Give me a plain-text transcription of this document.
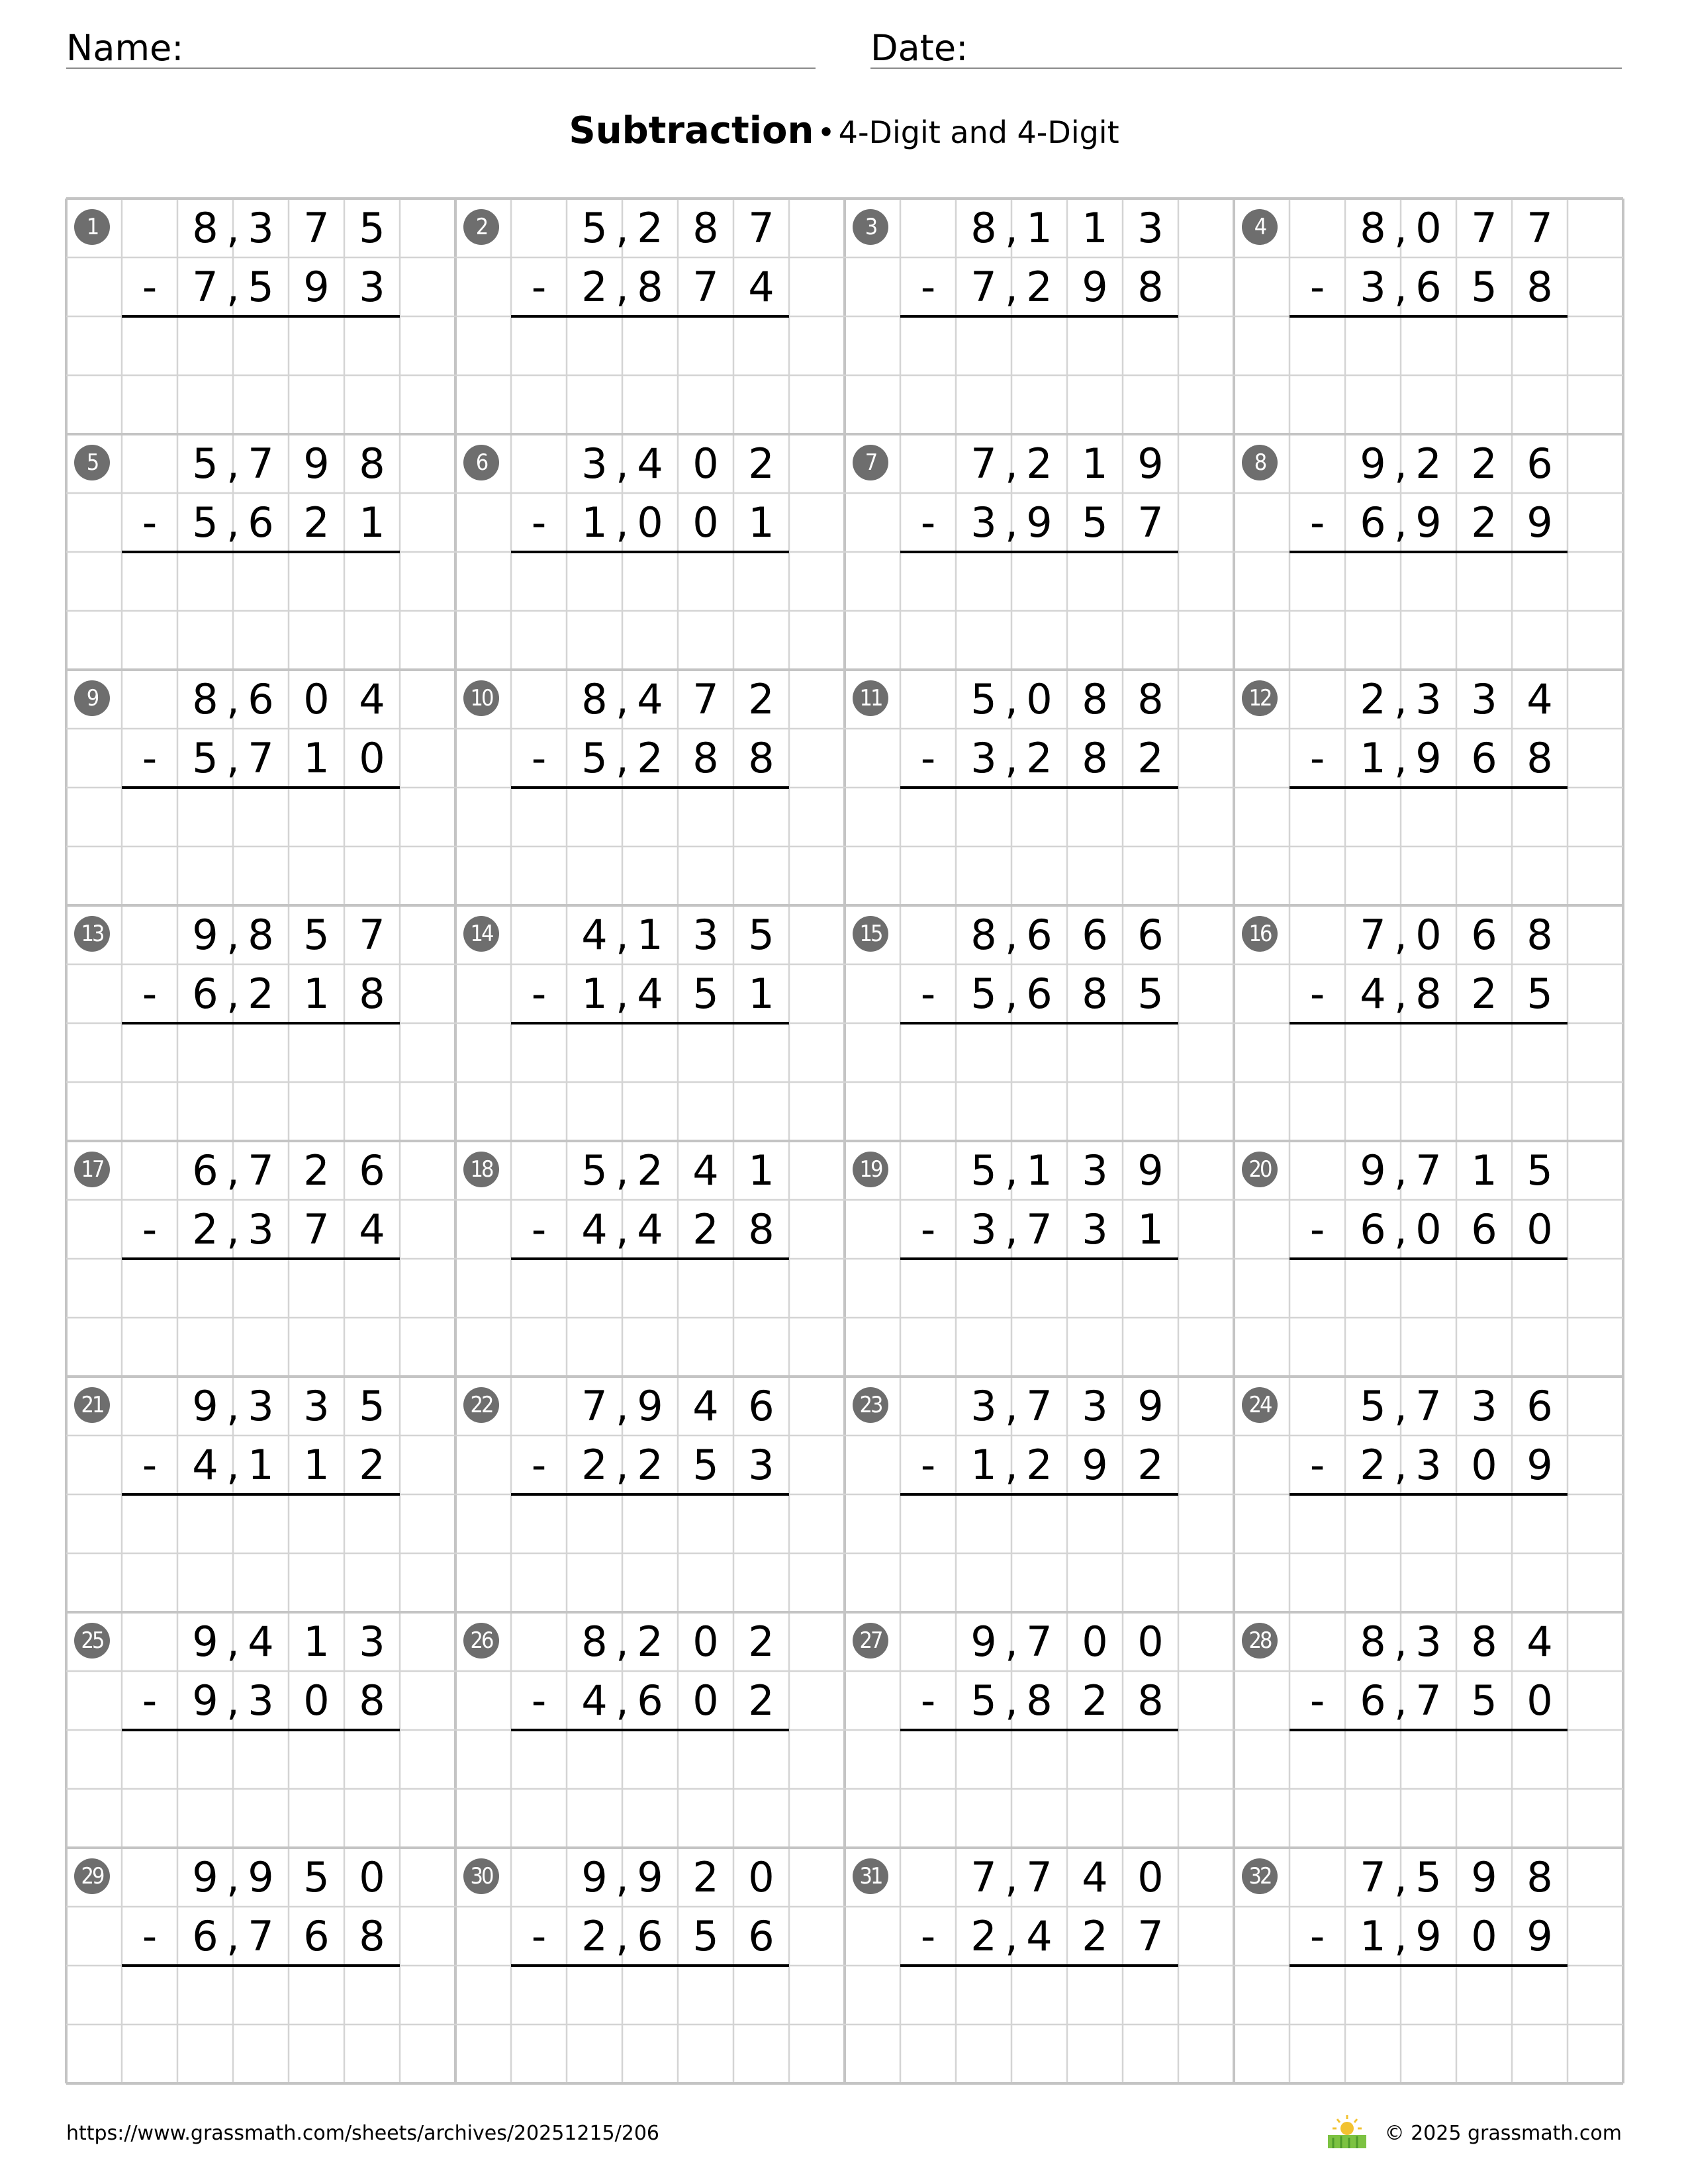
Name:	Date:
Subtraction • 4-Digit and 4-Digit
1	8 3 7 5
,
7 5 9 3
,
-
2	5 2 8 7
,
2 8 7 4
,
-
3	8 1 1 3
,
7 2 9 8
,
-
4	8 0 7 7
,
3 6 5 8
,
-
5	5 7 9 8
,
5 6 2 1
,
-
6	3 4 0 2
,
1 0 0 1
,
-
7	7 2 1 9
,
3 9 5 7
,
-
8	9 2 2 6
,
6 9 2 9
,
-
9	8 6 0 4
,
5 7 1 0
,
-
10	8 4 7 2
,
5 2 8 8
,
-
11	5 0 8 8
,
3 2 8 2
,
-
12	2 3 3 4
,
1 9 6 8
,
-
13	9 8 5 7
,
6 2 1 8
,
-
14	4 1 3 5
,
1 4 5 1
,
-
15	8 6 6 6
,
5 6 8 5
,
-
16	7 0 6 8
,
4 8 2 5
,
-
17	6 7 2 6
,
2 3 7 4
,
-
18	5 2 4 1
,
4 4 2 8
,
-
19	5 1 3 9
,
3 7 3 1
,
-
20	9 7 1 5
,
6 0 6 0
,
-
21	9 3 3 5
,
4 1 1 2
,
-
22	7 9 4 6
,
2 2 5 3
,
-
23	3 7 3 9
,
1 2 9 2
,
-
24	5 7 3 6
,
2 3 0 9
,
-
25	9 4 1 3
,
9 3 0 8
,
-
26	8 2 0 2
,
4 6 0 2
,
-
27	9 7 0 0
,
5 8 2 8
,
-
28	8 3 8 4
,
6 7 5 0
,
-
29	9 9 5 0
,
6 7 6 8
,
-
30	9 9 2 0
,
2 6 5 6
,
-
31	7 7 4 0
,
2 4 2 7
,
-
32	7 5 9 8
,
1 9 0 9
,
-
https://www.grassmath.com/sheets/archives/20251215/206	© 2025 grassmath.com
